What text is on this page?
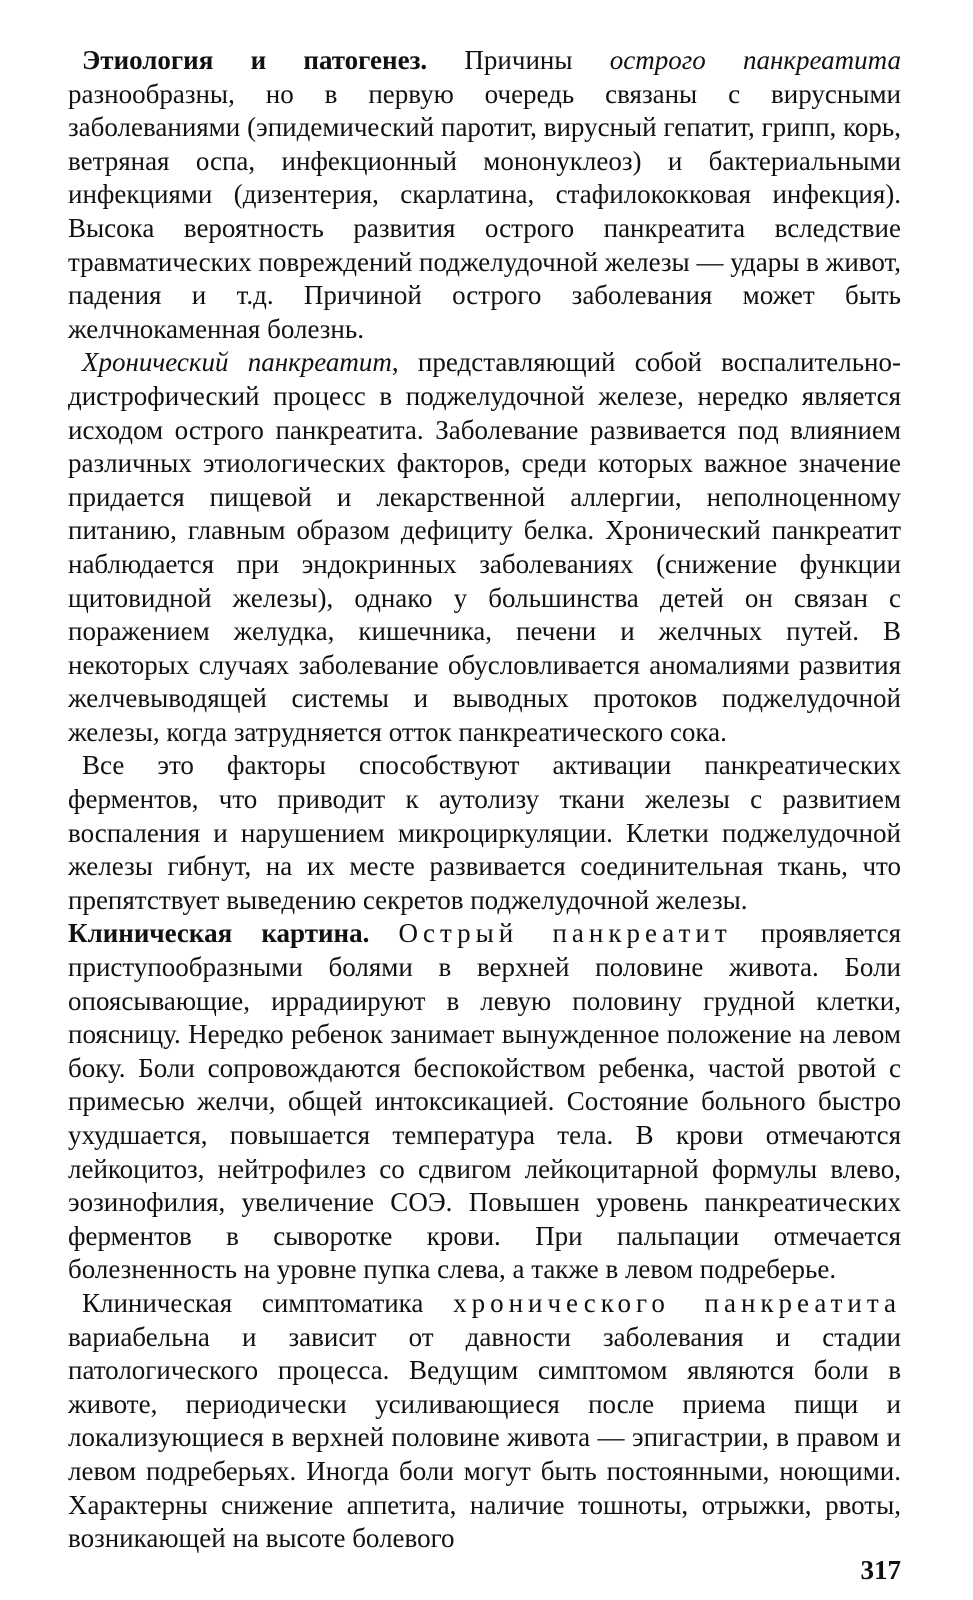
Этиология и патогенез. Причины острого панкреатита разнообразны, но в первую очередь связаны с вирусными заболеваниями (эпидемический паротит, вирусный гепатит, грипп, корь, ветряная оспа, инфекционный мононуклеоз) и бактериальными инфекциями (дизентерия, скарлатина, стафилококковая инфекция). Высока вероятность развития острого панкреатита вследствие травматических повреждений поджелудочной железы — удары в живот, падения и т.д. Причиной острого заболевания может быть желчнокаменная болезнь.

Хронический панкреатит, представляющий собой воспалительно-дистрофический процесс в поджелудочной железе, нередко является исходом острого панкреатита. Заболевание развивается под влиянием различных этиологических факторов, среди которых важное значение придается пищевой и лекарственной аллергии, неполноценному питанию, главным образом дефициту белка. Хронический панкреатит наблюдается при эндокринных заболеваниях (снижение функции щитовидной железы), однако у большинства детей он связан с поражением желудка, кишечника, печени и желчных путей. В некоторых случаях заболевание обусловливается аномалиями развития желчевыводящей системы и выводных протоков поджелудочной железы, когда затрудняется отток панкреатического сока.

Все это факторы способствуют активации панкреатических ферментов, что приводит к аутолизу ткани железы с развитием воспаления и нарушением микроциркуляции. Клетки поджелудочной железы гибнут, на их месте развивается соединительная ткань, что препятствует выведению секретов поджелудочной железы.

Клиническая картина. Острый панкреатит проявляется приступообразными болями в верхней половине живота. Боли опоясывающие, иррадиируют в левую половину грудной клетки, поясницу. Нередко ребенок занимает вынужденное положение на левом боку. Боли сопровождаются беспокойством ребенка, частой рвотой с примесью желчи, общей интоксикацией. Состояние больного быстро ухудшается, повышается температура тела. В крови отмечаются лейкоцитоз, нейтрофилез со сдвигом лейкоцитарной формулы влево, эозинофилия, увеличение СОЭ. Повышен уровень панкреатических ферментов в сыворотке крови. При пальпации отмечается болезненность на уровне пупка слева, а также в левом подреберье.

Клиническая симптоматика хронического панкреатита вариабельна и зависит от давности заболевания и стадии патологического процесса. Ведущим симптомом являются боли в животе, периодически усиливающиеся после приема пищи и локализующиеся в верхней половине живота — эпигастрии, в правом и левом подреберьях. Иногда боли могут быть постоянными, ноющими. Характерны снижение аппетита, наличие тошноты, отрыжки, рвоты, возникающей на высоте болевого

317
